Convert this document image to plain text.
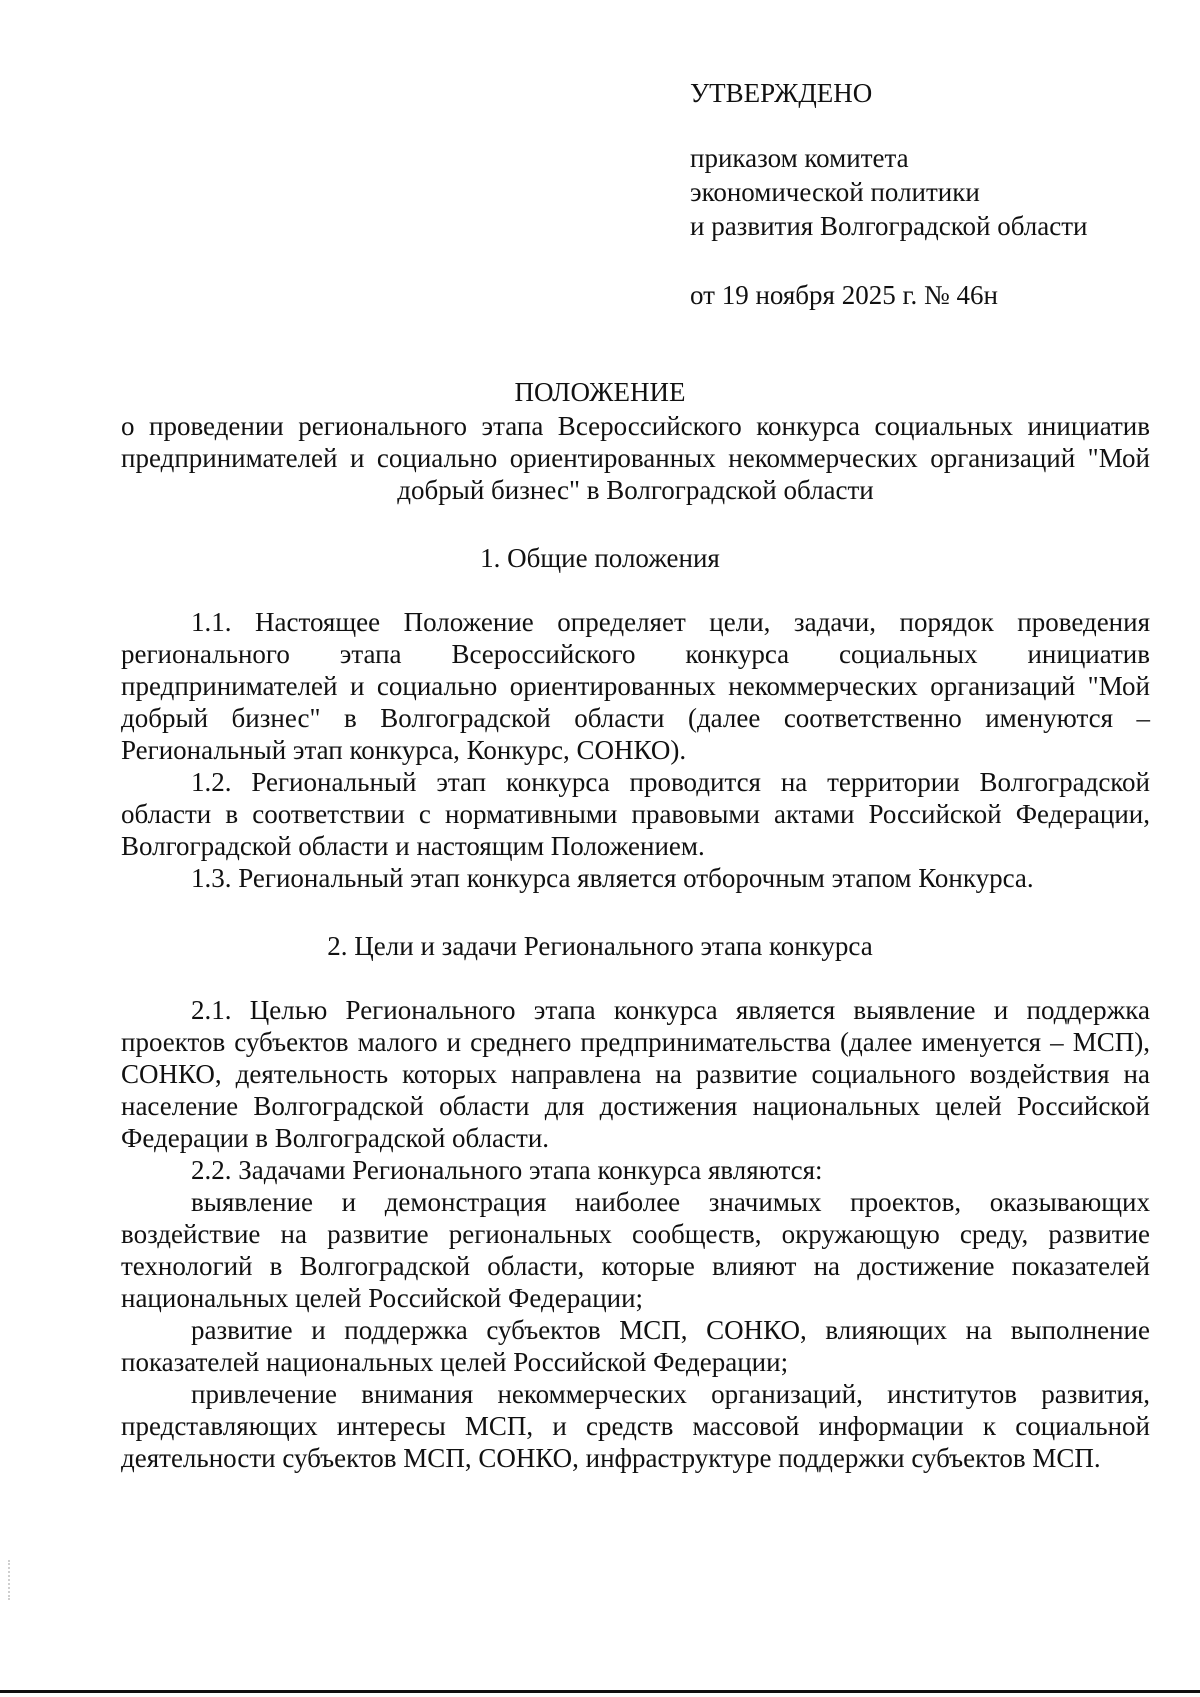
УТВЕРЖДЕНО
приказом комитета
экономической политики
и развития Волгоградской области
от 19 ноября 2025 г. № 46н
ПОЛОЖЕНИЕ
о проведении регионального этапа Всероссийского конкурса социальных инициатив предпринимателей и социально ориентированных некоммерческих организаций "Мой добрый бизнес" в Волгоградской области
1. Общие положения

1.1. Настоящее Положение определяет цели, задачи, порядок проведения регионального этапа Всероссийского конкурса социальных инициатив предпринимателей и социально ориентированных некоммерческих организаций "Мой добрый бизнес" в Волгоградской области (далее соответственно именуются – Региональный этап конкурса, Конкурс, СОНКО).

1.2. Региональный этап конкурса проводится на территории Волгоградской области в соответствии с нормативными правовыми актами Российской Федерации, Волгоградской области и настоящим Положением.

1.3. Региональный этап конкурса является отборочным этапом Конкурса.

2. Цели и задачи Регионального этапа конкурса

2.1. Целью Регионального этапа конкурса является выявление и поддержка проектов субъектов малого и среднего предпринимательства (далее именуется – МСП), СОНКО, деятельность которых направлена на развитие социального воздействия на население Волгоградской области для достижения национальных целей Российской Федерации в Волгоградской области.

2.2. Задачами Регионального этапа конкурса являются:

выявление и демонстрация наиболее значимых проектов, оказывающих воздействие на развитие региональных сообществ, окружающую среду, развитие технологий в Волгоградской области, которые влияют на достижение показателей национальных целей Российской Федерации;

развитие и поддержка субъектов МСП, СОНКО, влияющих на выполнение показателей национальных целей Российской Федерации;

привлечение внимания некоммерческих организаций, институтов развития, представляющих интересы МСП, и средств массовой информации к социальной деятельности субъектов МСП, СОНКО, инфраструктуре поддержки субъектов МСП.
